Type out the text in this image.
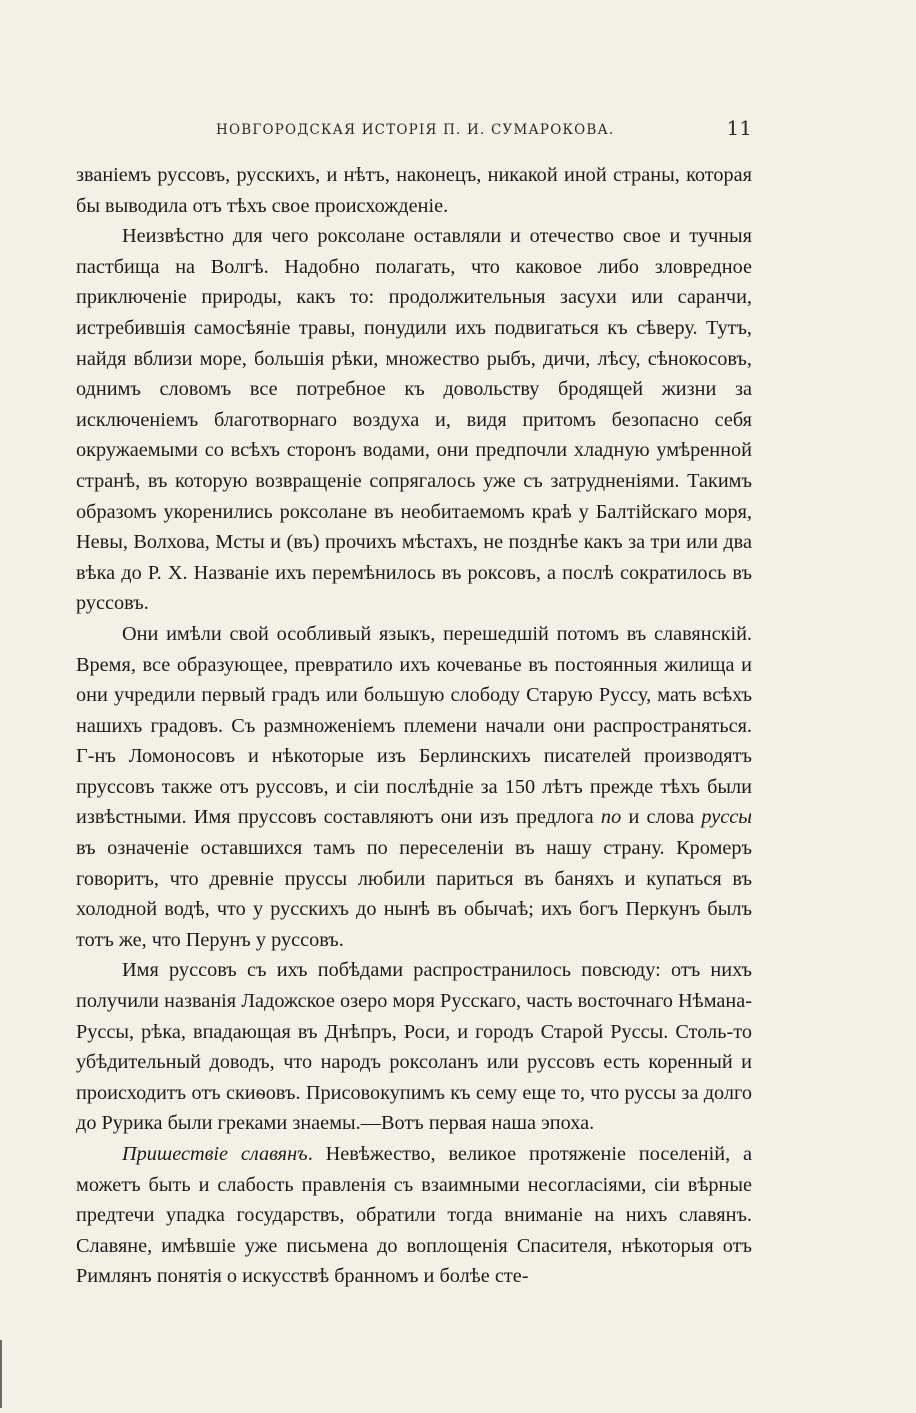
НОВГОРОДСКАЯ ИСТОРІЯ П. И. СУМАРОКОВА.	11

званіемъ руссовъ, русскихъ, и нѣтъ, наконецъ, никакой иной страны, которая бы выводила отъ тѣхъ свое происхожденіе.

Неизвѣстно для чего роксолане оставляли и отечество свое и тучныя пастбища на Волгѣ. Надобно полагать, что каковое либо зловредное приключеніе природы, какъ то: продолжительныя засухи или саранчи, истребившія самосѣяніе травы, понудили ихъ подвигаться къ сѣверу. Тутъ, найдя вблизи море, большія рѣки, множество рыбъ, дичи, лѣсу, сѣнокосовъ, однимъ словомъ все потребное къ довольству бродящей жизни за исключеніемъ благотворнаго воздуха и, видя притомъ безопасно себя окружаемыми со всѣхъ сторонъ водами, они предпочли хладную умѣренной странѣ, въ которую возвращеніе сопрягалось уже съ затрудненіями. Такимъ образомъ укоренились роксолане въ необитаемомъ краѣ у Балтійскаго моря, Невы, Волхова, Мсты и (въ) прочихъ мѣстахъ, не позднѣе какъ за три или два вѣка до Р. Х. Названіе ихъ перемѣнилось въ роксовъ, а послѣ сократилось въ руссовъ.

Они имѣли свой особливый языкъ, перешедшій потомъ въ славянскій. Время, все образующее, превратило ихъ кочеванье въ постоянныя жилища и они учредили первый градъ или большую слободу Старую Руссу, мать всѣхъ нашихъ градовъ. Съ размноженіемъ племени начали они распространяться. Г-нъ Ломоносовъ и нѣкоторые изъ Берлинскихъ писателей производятъ пруссовъ также отъ руссовъ, и сіи послѣдніе за 150 лѣтъ прежде тѣхъ были извѣстными. Имя пруссовъ составляютъ они изъ предлога по и слова руссы въ означеніе оставшихся тамъ по переселеніи въ нашу страну. Кромеръ говоритъ, что древніе пруссы любили париться въ баняхъ и купаться въ холодной водѣ, что у русскихъ до нынѣ въ обычаѣ; ихъ богъ Перкунъ былъ тотъ же, что Перунъ у руссовъ.

Имя руссовъ съ ихъ побѣдами распространилось повсюду: отъ нихъ получили названія Ладожское озеро моря Русскаго, часть восточнаго Нѣмана-Руссы, рѣка, впадающая въ Днѣпръ, Роси, и городъ Старой Руссы. Столь-то убѣдительный доводъ, что народъ роксоланъ или руссовъ есть коренный и происходитъ отъ скиѳовъ. Присовокупимъ къ сему еще то, что руссы за долго до Рурика были греками знаемы.—Вотъ первая наша эпоха.

Пришествіе славянъ. Невѣжество, великое протяженіе поселеній, а можетъ быть и слабость правленія съ взаимными несогласіями, сіи вѣрные предтечи упадка государствъ, обратили тогда вниманіе на нихъ славянъ. Славяне, имѣвшіе уже письмена до воплощенія Спасителя, нѣкоторыя отъ Римлянъ понятія о искусствѣ бранномъ и болѣе сте-
